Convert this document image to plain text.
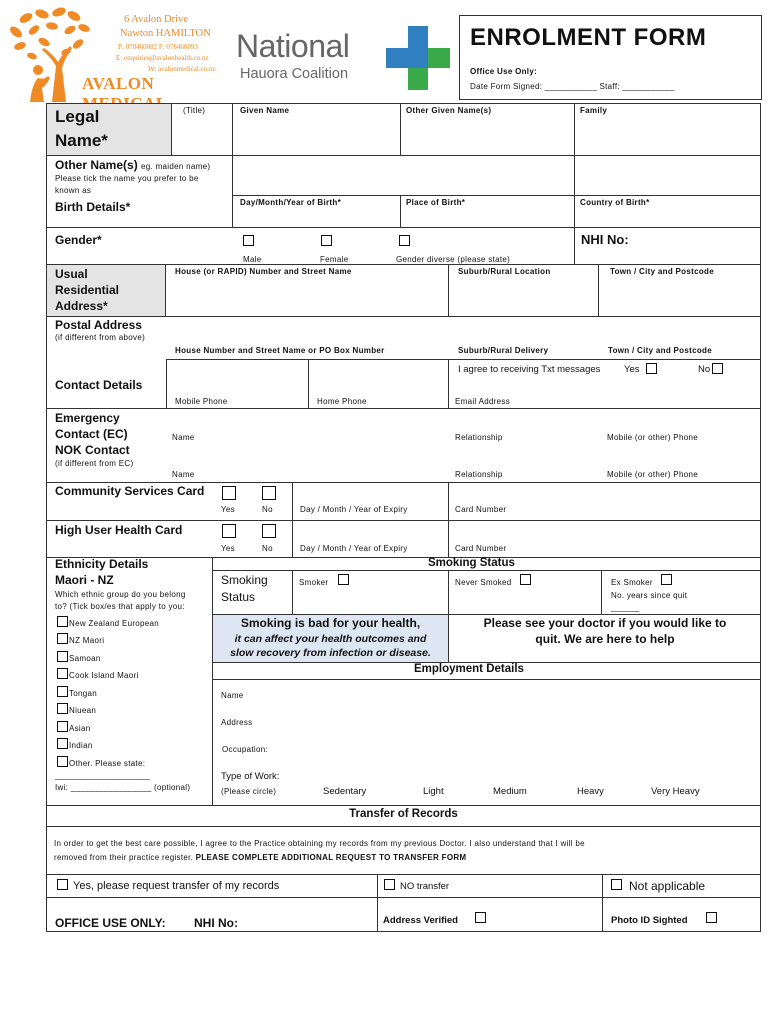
6 Avalon Drive
Nawton HAMILTON
P: 078460082 F: 078460093
E: enquiries@avalonhealth.co.nz
W: avalonmedical.co.nz
AVALON
National
Hauora Coalition
ENROLMENT FORM
Office Use Only:
Date Form Signed: ___________ Staff: ___________
Legal
Name*
(Title)	Given Name	Other Given Name(s)	Family
Other Name(s) eg. maiden name)
Please tick the name you prefer to be
known as
Birth Details*	Day/Month/Year of Birth*	Place of Birth*	Country of Birth*
Gender*
Male	Female	Gender diverse (please state)
NHI No:
Usual
Residential
Address*
House (or RAPID) Number and Street Name	Suburb/Rural Location	Town / City and Postcode
Postal Address
(if different from above)
House Number and Street Name or PO Box Number	Suburb/Rural Delivery	Town / City and Postcode
Contact Details
I agree to receiving Txt messages Yes	No
Mobile Phone	Home Phone	Email Address
Emergency
Contact (EC)
NOK Contact
(if different from EC)
Name	Relationship	Mobile (or other) Phone
Name	Relationship	Mobile (or other) Phone
Community Services Card
Yes	No	Day / Month / Year of Expiry	Card Number
High User Health Card
Yes	No	Day / Month / Year of Expiry	Card Number
Ethnicity Details
Maori - NZ
Which ethnic group do you belong
to? (Tick box/es that apply to you:
New Zealand European
NZ Maori
Samoan
Cook Island Maori
Tongan
Niuean
Asian
Indian
Other. Please state:
____________________
Iwi: _________________ (optional)
Smoking Status
Smoking
Status
Smoker	Never Smoked	Ex Smoker
No. years since quit
______
Smoking is bad for your health,
it can affect your health outcomes and
slow recovery from infection or disease.
Please see your doctor if you would like to
quit. We are here to help
Employment Details
Name
Address
Occupation:
Type of Work:
(Please circle)	Sedentary	Light	Medium	Heavy	Very Heavy
Transfer of Records
In order to get the best care possible, I agree to the Practice obtaining my records from my previous Doctor. I also understand that I will be
removed from their practice register. PLEASE COMPLETE ADDITIONAL REQUEST TO TRANSFER FORM
Yes, please request transfer of my records	NO transfer	Not applicable
OFFICE USE ONLY: NHI No:	Address Verified	Photo ID Sighted
